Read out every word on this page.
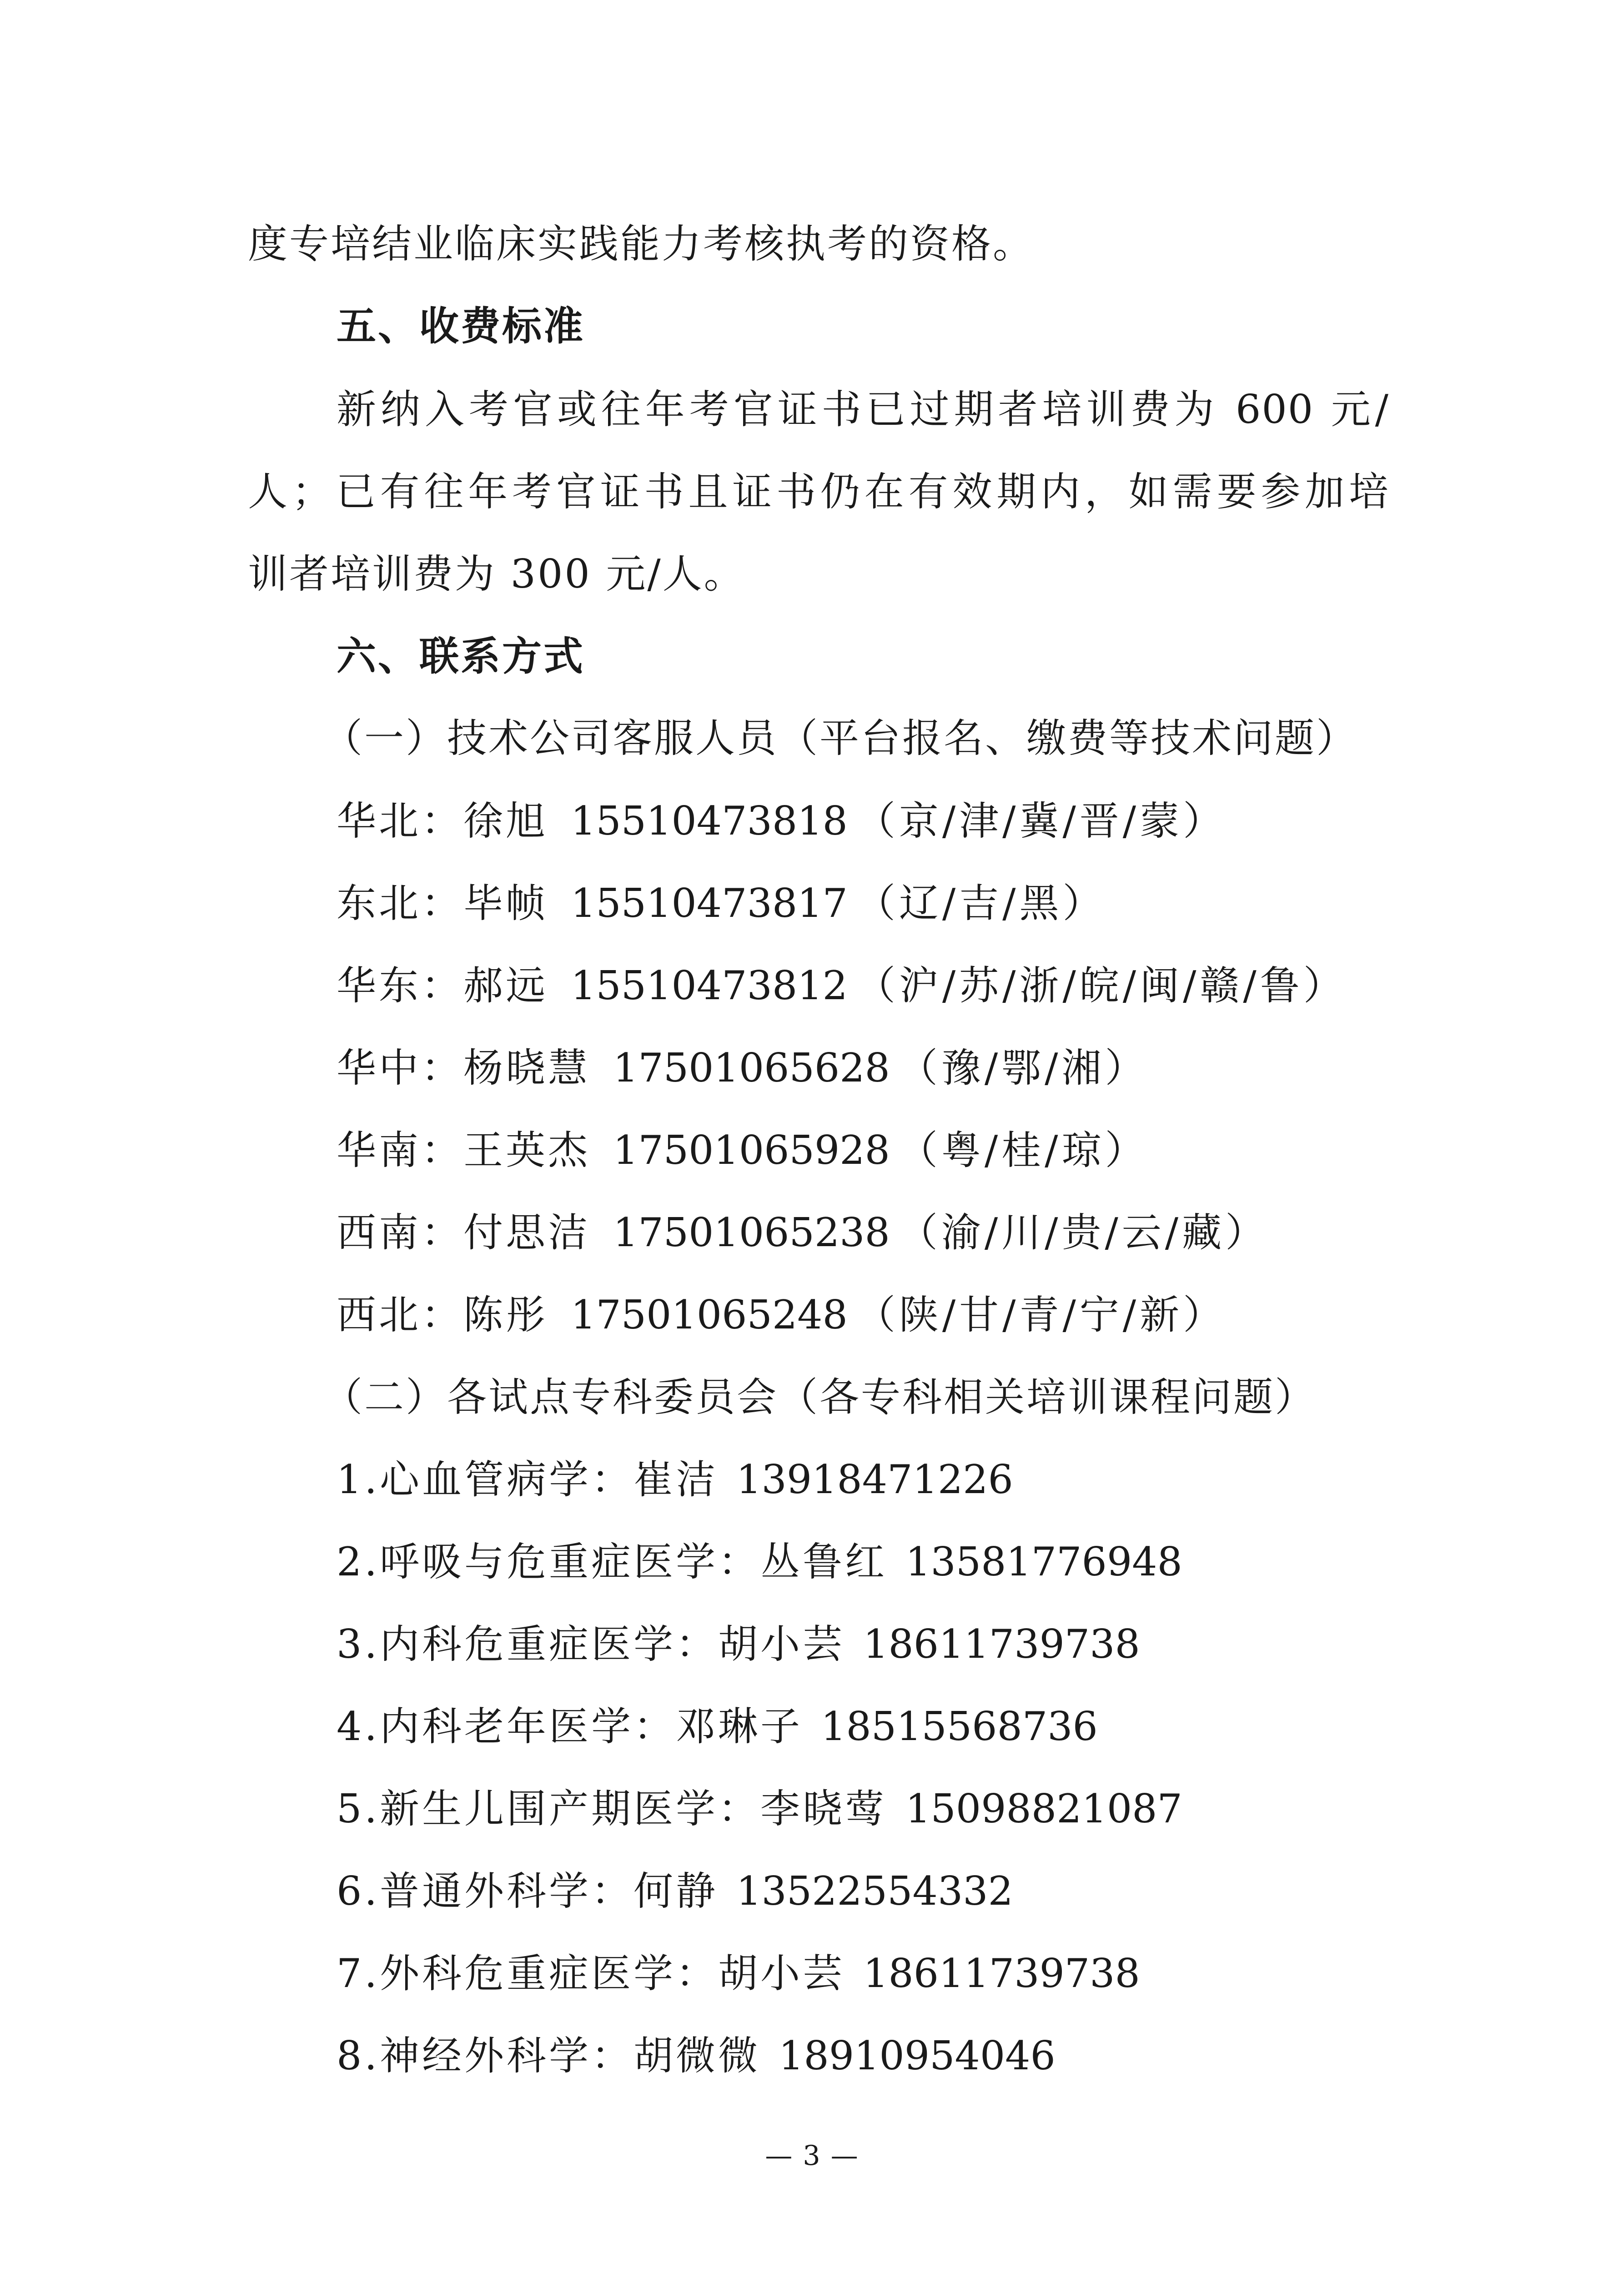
度专培结业临床实践能力考核执考的资格。
五、收费标准
新纳入考官或往年考官证书已过期者培训费为 600 元/
人；已有往年考官证书且证书仍在有效期内，如需要参加培
训者培训费为 300 元/人。
六、联系方式
（一）技术公司客服人员（平台报名、缴费等技术问题）
华北：徐旭 15510473818 （京/津/冀/晋/蒙）
东北：毕帧 15510473817 （辽/吉/黑）
华东：郝远 15510473812 （沪/苏/浙/皖/闽/赣/鲁）
华中：杨晓慧 17501065628 （豫/鄂/湘）
华南：王英杰 17501065928 （粤/桂/琼）
西南：付思洁 17501065238 （渝/川/贵/云/藏）
西北：陈彤 17501065248 （陕/甘/青/宁/新）
（二）各试点专科委员会（各专科相关培训课程问题）
1.心血管病学：崔洁 13918471226
2.呼吸与危重症医学：丛鲁红 13581776948
3.内科危重症医学：胡小芸 18611739738
4.内科老年医学：邓琳子 18515568736
5.新生儿围产期医学：李晓莺 15098821087
6.普通外科学：何静 13522554332
7.外科危重症医学：胡小芸 18611739738
8.神经外科学：胡微微 18910954046
— 3 —
